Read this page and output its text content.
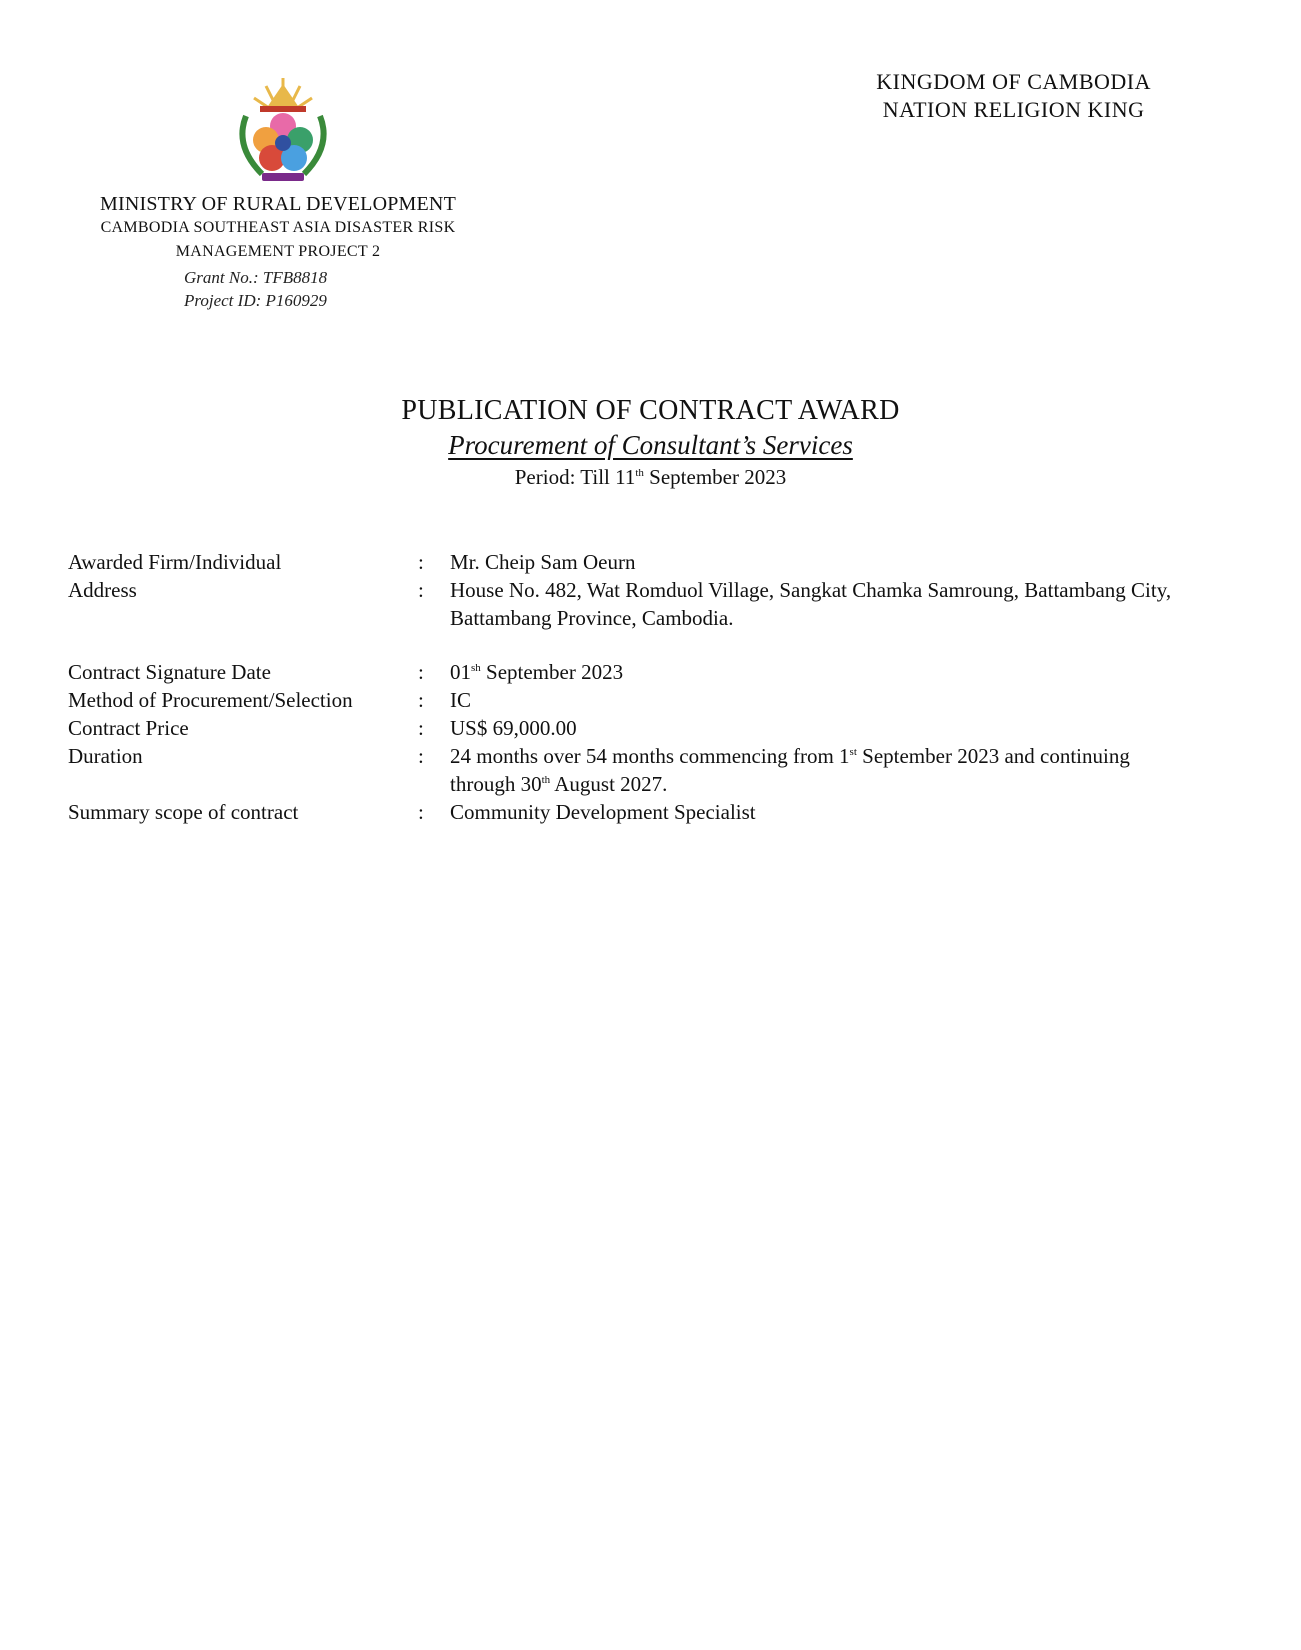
KINGDOM OF CAMBODIA
NATION RELIGION KING
MINISTRY OF RURAL DEVELOPMENT
CAMBODIA SOUTHEAST ASIA DISASTER RISK
MANAGEMENT PROJECT 2
Grant No.: TFB8818
Project ID: P160929
PUBLICATION OF CONTRACT AWARD
Procurement of Consultant’s Services
Period: Till 11th September 2023
Awarded Firm/Individual	:	Mr. Cheip Sam Oeurn
Address	:	House No. 482, Wat Romduol Village, Sangkat Chamka Samroung, Battambang City, Battambang Province, Cambodia.
Contract Signature Date	:	$01^{sh}$ September 2023
Method of Procurement/Selection	:	IC
Contract Price	:	US$ 69,000.00
Duration	:	24 months over 54 months commencing from 1st September 2023 and continuing through 30th August 2027.
Summary scope of contract	:	Community Development Specialist
